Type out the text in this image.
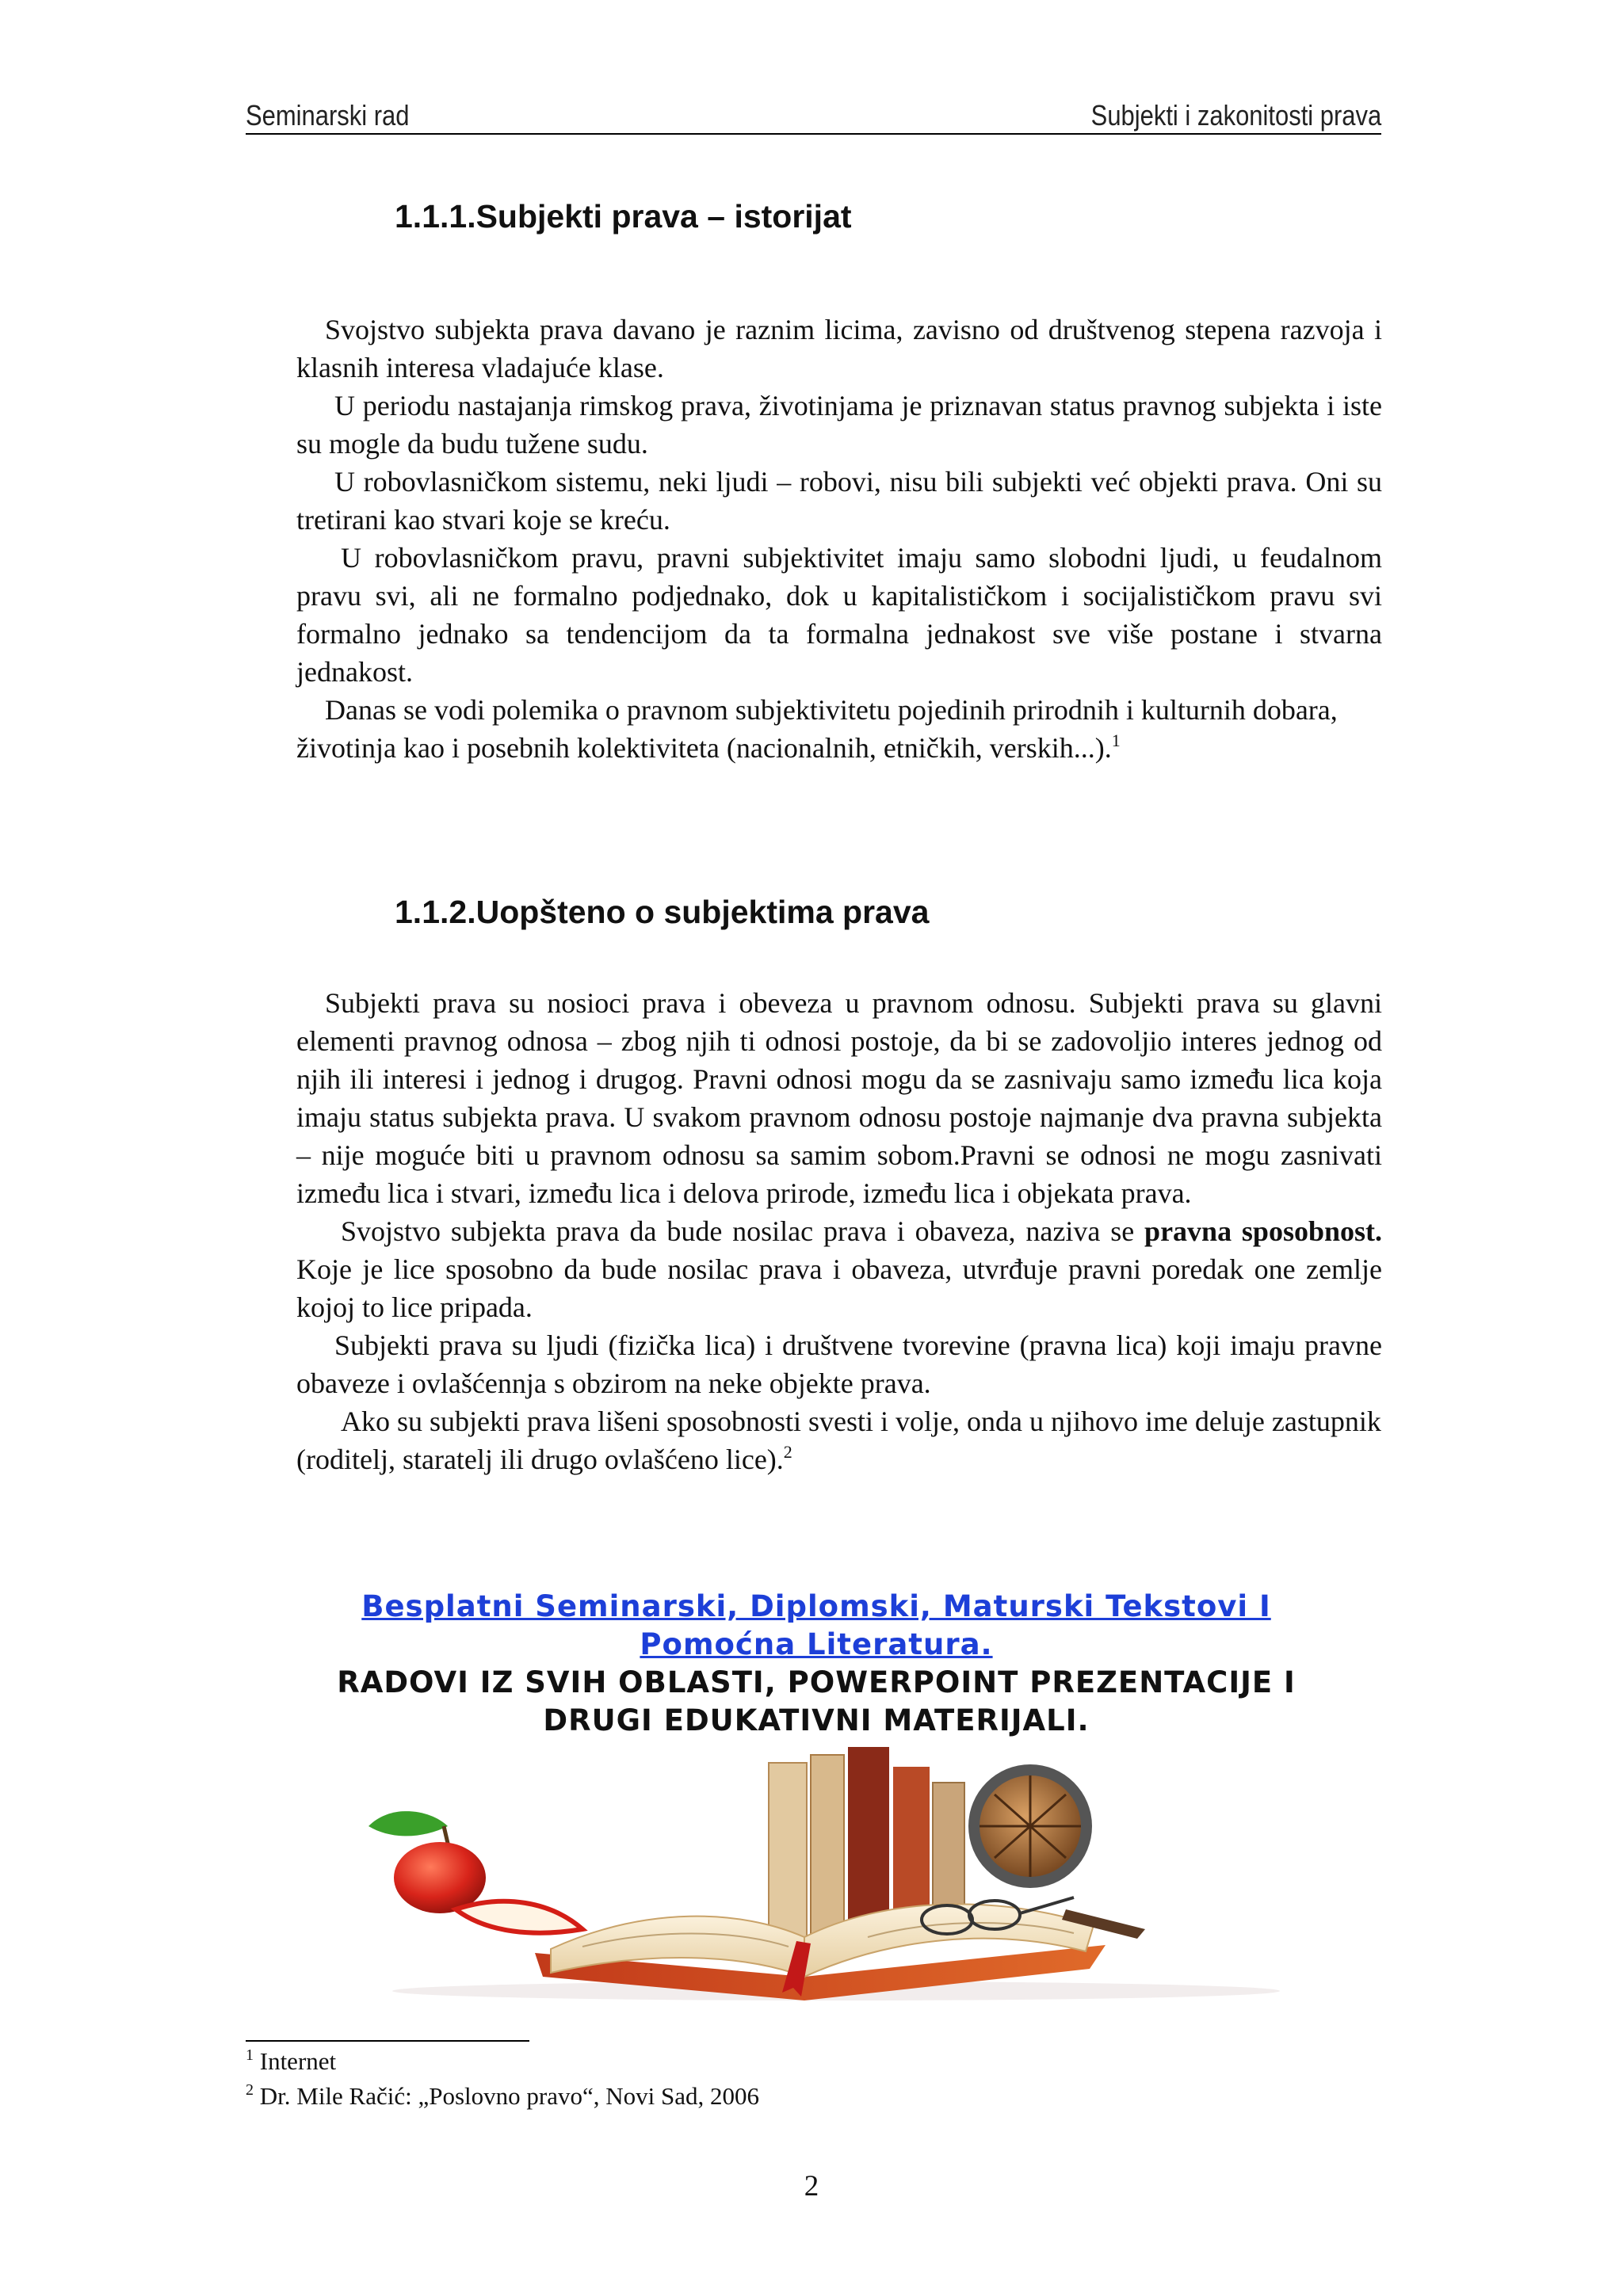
Seminarski rad	Subjekti i zakonitosti prava
1.1.1.Subjekti prava – istorijat

Svojstvo subjekta prava davano je raznim licima, zavisno od društvenog stepena razvoja i klasnih interesa vladajuće klase.

U periodu nastajanja rimskog prava, životinjama je priznavan status pravnog subjekta i iste su mogle da budu tužene sudu.

U robovlasničkom sistemu, neki ljudi – robovi, nisu bili subjekti već objekti prava. Oni su tretirani kao stvari koje se kreću.

U robovlasničkom pravu, pravni subjektivitet imaju samo slobodni ljudi, u feudalnom pravu svi, ali ne formalno podjednako, dok u kapitalističkom i socijalističkom pravu svi formalno jednako sa tendencijom da ta formalna jednakost sve više postane i stvarna jednakost.

Danas se vodi polemika o pravnom subjektivitetu pojedinih prirodnih i kulturnih dobara, životinja kao i posebnih kolektiviteta (nacionalnih, etničkih, verskih...).$^1$

1.1.2.Uopšteno o subjektima prava

Subjekti prava su nosioci prava i obeveza u pravnom odnosu. Subjekti prava su glavni elementi pravnog odnosa – zbog njih ti odnosi postoje, da bi se zadovoljio interes jednog od njih ili interesi i jednog i drugog. Pravni odnosi mogu da se zasnivaju samo između lica koja imaju status subjekta prava. U svakom pravnom odnosu postoje najmanje dva pravna subjekta – nije moguće biti u pravnom odnosu sa samim sobom.Pravni se odnosi ne mogu zasnivati između lica i stvari, između lica i delova prirode, između lica i objekata prava.

Svojstvo subjekta prava da bude nosilac prava i obaveza, naziva se pravna sposobnost. Koje je lice sposobno da bude nosilac prava i obaveza, utvrđuje pravni poredak one zemlje kojoj to lice pripada.

Subjekti prava su ljudi (fizička lica) i društvene tvorevine (pravna lica) koji imaju pravne obaveze i ovlašćennja s obzirom na neke objekte prava.

Ako su subjekti prava lišeni sposobnosti svesti i volje, onda u njihovo ime deluje zastupnik (roditelj, staratelj ili drugo ovlašćeno lice).$^2$

Besplatni Seminarski, Diplomski, Maturski Tekstovi I
Pomoćna Literatura.
RADOVI IZ SVIH OBLASTI, POWERPOINT PREZENTACIJE I
DRUGI EDUKATIVNI MATERIJALI.
$^1$ Internet
$^2$ Dr. Mile Račić: „Poslovno pravo“, Novi Sad, 2006
2
